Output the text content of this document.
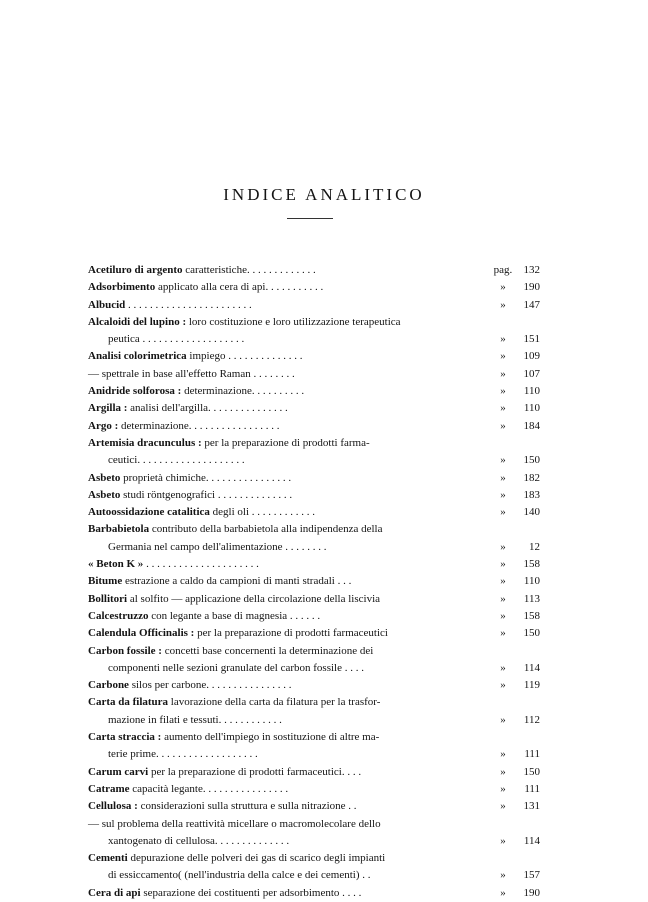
INDICE ANALITICO
Acetiluro di argento caratteristiche. . . . . . . . . . . . .	pag.	132
Adsorbimento applicato alla cera di api. . . . . . . . . . .	»	190
Albucid . . . . . . . . . . . . . . . . . . . . . . .	»	147
Alcaloidi del lupino : loro costituzione e loro utilizzazione terapeutica
peutica . . . . . . . . . . . . . . . . . . .	»	151
Analisi colorimetrica impiego . . . . . . . . . . . . . .	»	109
— spettrale in base all'effetto Raman . . . . . . . .	»	107
Anidride solforosa : determinazione. . . . . . . . . .	»	110
Argilla : analisi dell'argilla. . . . . . . . . . . . . . .	»	110
Argo : determinazione. . . . . . . . . . . . . . . . .	»	184
Artemisia dracunculus : per la preparazione di prodotti farma-
ceutici. . . . . . . . . . . . . . . . . . . .	»	150
Asbeto proprietà chimiche. . . . . . . . . . . . . . . .	»	182
Asbeto studi röntgenografici . . . . . . . . . . . . . .	»	183
Autoossidazione catalitica degli oli . . . . . . . . . . . .	»	140
Barbabietola contributo della barbabietola alla indipendenza della
Germania nel campo dell'alimentazione . . . . . . . .	»	12
« Beton K » . . . . . . . . . . . . . . . . . . . . .	»	158
Bitume estrazione a caldo da campioni di manti stradali . . .	»	110
Bollitori al solfito — applicazione della circolazione della liscivia	»	113
Calcestruzzo con legante a base di magnesia . . . . . .	»	158
Calendula Officinalis : per la preparazione di prodotti farmaceutici	»	150
Carbon fossile : concetti base concernenti la determinazione dei
componenti nelle sezioni granulate del carbon fossile . . . .	»	114
Carbone silos per carbone. . . . . . . . . . . . . . . .	»	119
Carta da filatura lavorazione della carta da filatura per la trasfor-
mazione in filati e tessuti. . . . . . . . . . . .	»	112
Carta straccia : aumento dell'impiego in sostituzione di altre ma-
terie prime. . . . . . . . . . . . . . . . . . .	»	111
Carum carvi per la preparazione di prodotti farmaceutici. . . .	»	150
Catrame capacità legante. . . . . . . . . . . . . . . .	»	111
Cellulosa : considerazioni sulla struttura e sulla nitrazione . .	»	131
— sul problema della reattività micellare o macromolecolare dello
xantogenato di cellulosa. . . . . . . . . . . . . .	»	114
Cementi depurazione delle polveri dei gas di scarico degli impianti
di essiccamento( (nell'industria della calce e dei cementi) . .	»	157
Cera di api separazione dei costituenti per adsorbimento . . . .	»	190
